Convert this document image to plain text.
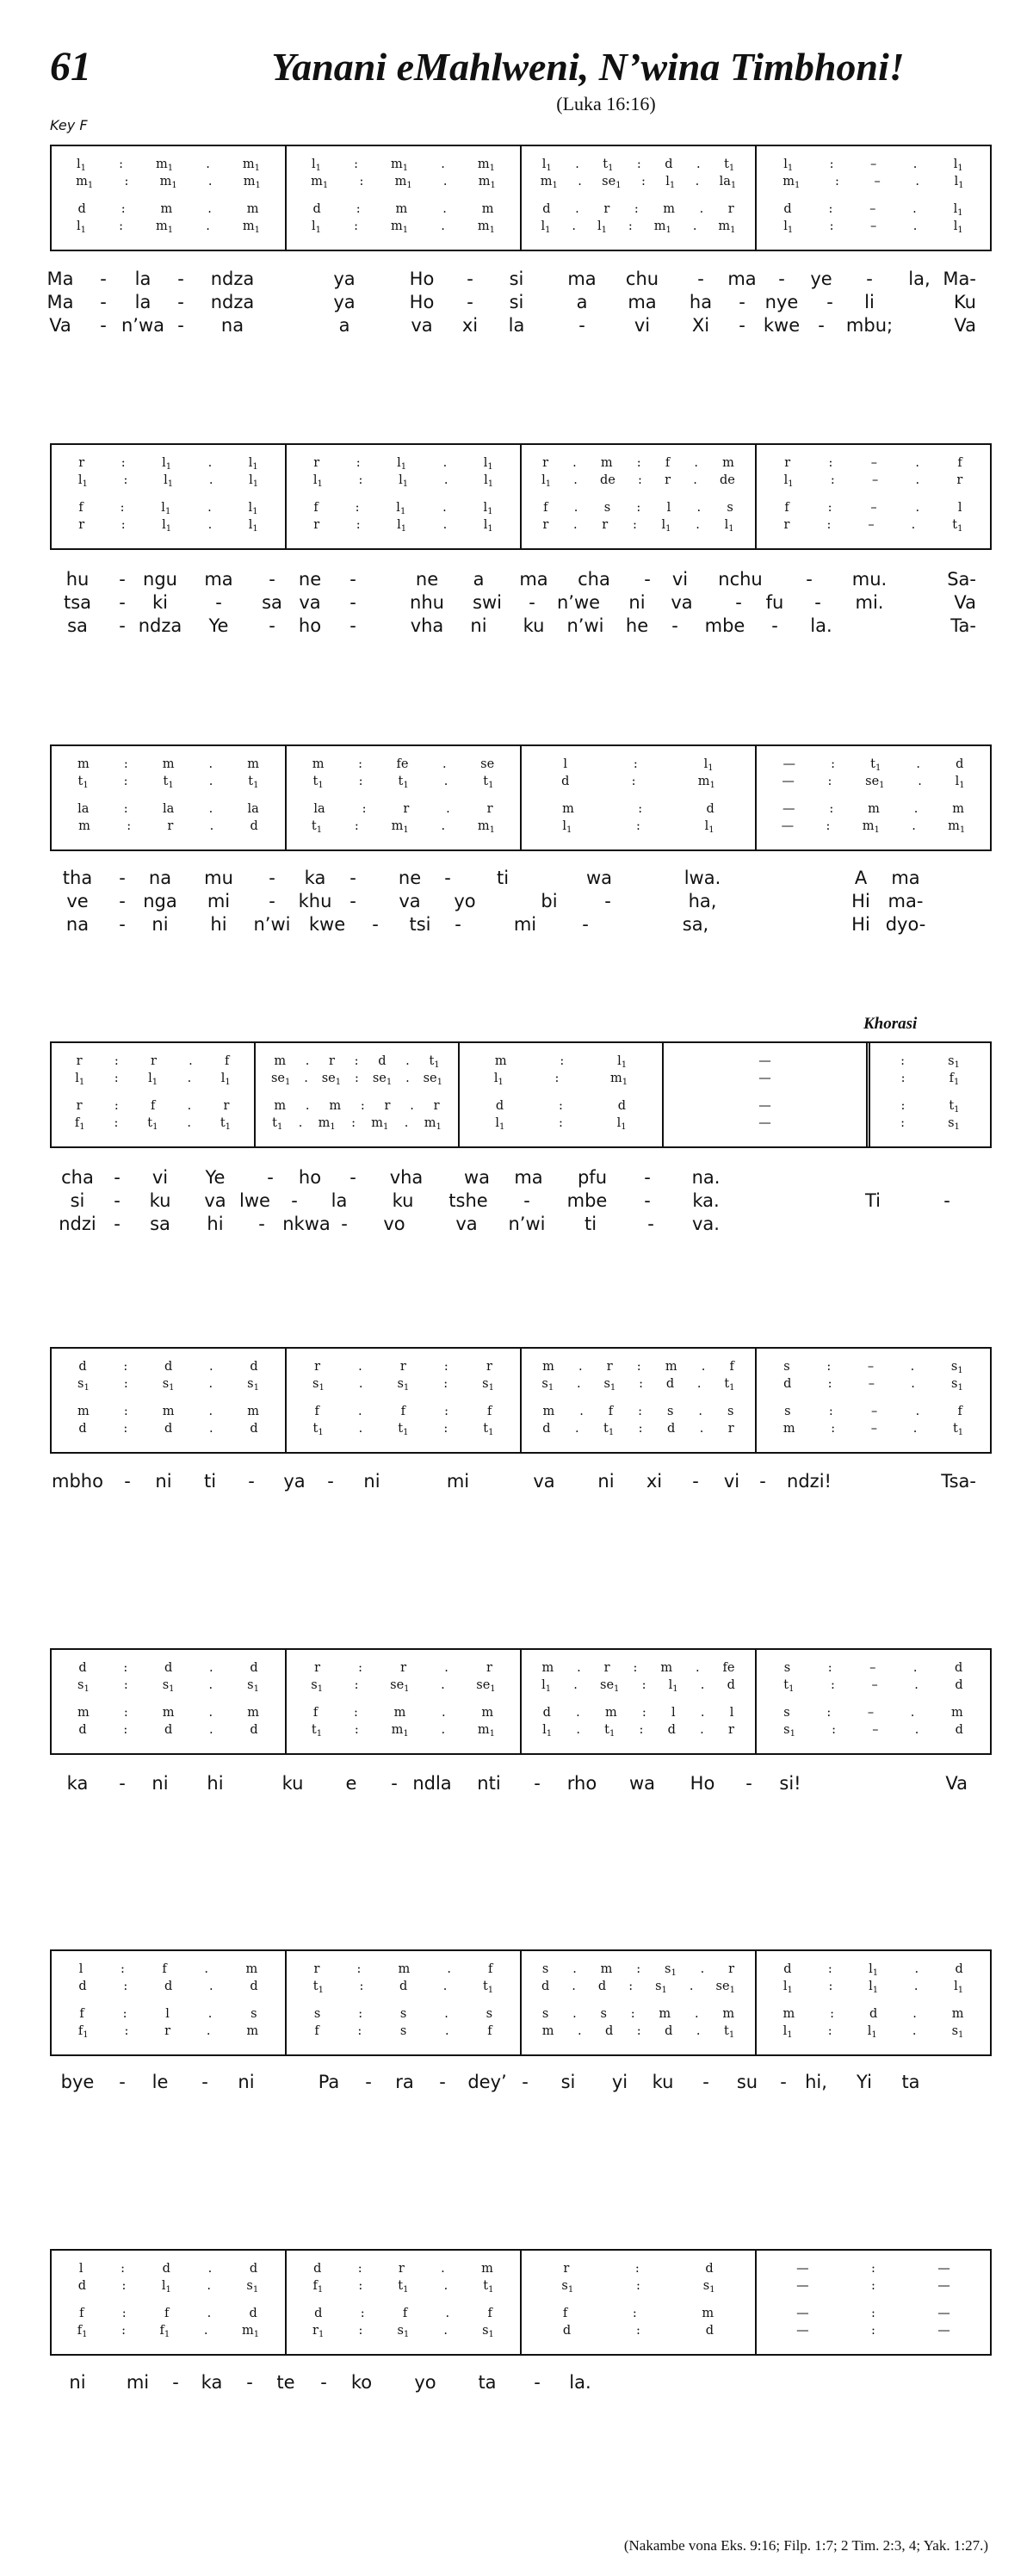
61	Yanani eMahlweni, N’wina Timbhoni!
(Luka 16:16)
Key F
Khorasi
(Nakambe vona Eks. 9:16; Filp. 1:7; 2 Tim. 2:3, 4; Yak. 1:27.)
$l_1$	:	$m_1$	.	$m_1$
$m_1$ : $m_1$ . $m_1$
d	:	m	.	m
$l_1$	:	$m_1$	.	$m_1$
$l_1$	:	$m_1$	.	$m_1$
$m_1$ : $m_1$ . $m_1$
d	:	m	.	m
$l_1$	:	$m_1$	.	$m_1$
$l_1$ . $t_1$ : d . $t_1$
$m_1$ . $se_1$ : $l_1$ . $la_1$
d . r : m . r
$l_1$ . $l_1$ : $m_1$ . $m_1$
$l_1$	:	–	.	$l_1$
$m_1$	:	–	.	$l_1$
d	:	–	.	$l_1$
$l_1$	:	–	.	$l_1$
Ma - la - ndza	ya	Ho - si ma chu - ma - ye - la, Ma-
Ma - la - ndza	ya	Ho - si	a ma ha - nye - li	Ku
Va - n’wa - na	a	va xi la	-	vi Xi - kwe - mbu;	Va
r	:	$l_1$	.	$l_1$
$l_1$	:	$l_1$	.	$l_1$
f	:	$l_1$	.	$l_1$
r	:	$l_1$	.	$l_1$
r	:	$l_1$	.	$l_1$
$l_1$	:	$l_1$	.	$l_1$
f	:	$l_1$	.	$l_1$
r	:	$l_1$	.	$l_1$
r . m : f . m
$l_1$ . de : r . de
f . s : l . s
r . r : $l_1$ . $l_1$
r	:	–	.	f
$l_1$	:	–	.	r
f	:	–	.	l
r	:	–	.	$t_1$
hu - ngu ma - ne -	ne a ma cha - vi nchu - mu.	Sa-
tsa - ki	- sa va -	nhu swi - n’we ni va - fu - mi.	Va
sa - ndza Ye - ho -	vha ni ku n’wi he - mbe - la.	Ta-
m	:	m	.	m
$t_1$	:	$t_1$	.	$t_1$
la	:	la	.	la
m	:	r	.	d
m	:	fe	.	se
$t_1$	:	$t_1$	.	$t_1$
la	:	r	.	r
$t_1$	:	$m_1$	.	$m_1$
l	:	$l_1$
d	:	$m_1$
m	:	d
$l_1$	:	$l_1$
—	:	$t_1$	.	d
—	:	$se_1$	.	$l_1$
—	:	m	.	m
—	:	$m_1$	.	$m_1$
tha - na mu - ka - ne -	ti	wa	lwa.	A ma
ve - nga mi - khu - va yo	bi	-	ha,	Hi ma-
na - ni hi n’wi kwe - tsi -	mi	-	sa,	Hi dyo-
r	:	r	.	f
$l_1$ : $l_1$ . $l_1$
r	:	f	.	r
$f_1$ : $t_1$ . $t_1$
m . r : d . $t_1$
$se_1$ . $se_1$ : $se_1$ . $se_1$
m . m : r . r
$t_1$ . $m_1$ : $m_1$ . $m_1$
m	:	$l_1$
$l_1$	:	$m_1$
d	:	d
$l_1$	:	$l_1$
—
—
—
—
:	$s_1$
:	$f_1$
:	$t_1$
:	$s_1$
cha - vi Ye - ho - vha wa ma pfu - na.
si - ku va lwe - la ku tshe - mbe - ka.	Ti	-
ndzi - sa hi - nkwa - vo	va n’wi ti	- va.
d	:	d	.	d
$s_1$	:	$s_1$	.	$s_1$
m	:	m	.	m
d	:	d	.	d
r	.	r	:	r
$s_1$	.	$s_1$	:	$s_1$
f	.	f	:	f
$t_1$	.	$t_1$	:	$t_1$
m . r : m . f
$s_1$ . $s_1$ : d . $t_1$
m . f : s . s
d . $t_1$ : d . r
s	:	–	.	$s_1$
d	:	–	.	$s_1$
s	:	–	.	f
m	:	–	.	$t_1$
mbho - ni ti - ya - ni	mi	va ni xi - vi - ndzi!	Tsa-
d	:	d	.	d
$s_1$	:	$s_1$	.	$s_1$
m	:	m	.	m
d	:	d	.	d
r	:	r	.	r
$s_1$	:	$se_1$	.	$se_1$
f	:	m	.	m
$t_1$	:	$m_1$	.	$m_1$
m . r : m . fe
$l_1$ . $se_1$ : $l_1$ . d
d . m : l . l
$l_1$ . $t_1$ : d . r
s	:	–	.	d
$t_1$	:	–	.	d
s	:	–	.	m
$s_1$	:	–	.	d
ka - ni hi	ku e - ndla nti - rho wa Ho - si!	Va
l	:	f	.	m
d	:	d	.	d
f	:	l	.	s
$f_1$	:	r	.	m
r	:	m	.	f
$t_1$	:	d	.	$t_1$
s	:	s	.	s
f	:	s	.	f
s . m : $s_1$ . r
d . d : $s_1$ . $se_1$
s . s : m . m
m . d : d . $t_1$
d	:	$l_1$	.	d
$l_1$	:	$l_1$	.	$l_1$
m	:	d	.	m
$l_1$	:	$l_1$	.	$s_1$
bye - le - ni	Pa - ra - dey’ - si yi ku - su - hi, Yi ta
l	:	d	.	d
d	:	$l_1$	.	$s_1$
f	:	f	.	d
$f_1$	:	$f_1$	.	$m_1$
d	:	r	.	m
$f_1$	:	$t_1$	.	$t_1$
d	:	f	.	f
$r_1$	:	$s_1$	.	$s_1$
r	:	d
$s_1$	:	$s_1$
f	:	m
d	:	d
—	:	—
—	:	—
—	:	—
—	:	—
ni mi - ka - te - ko yo ta - la.
